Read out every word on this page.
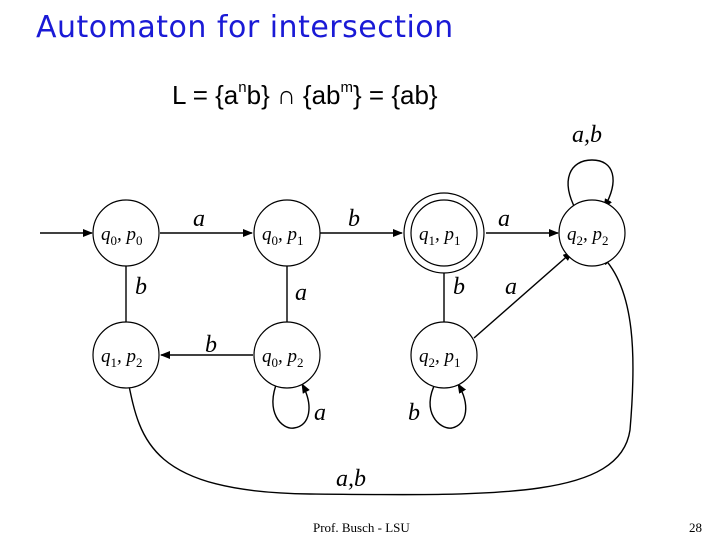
Automaton for intersection
$L = \{a^nb\}$ ∩ $\{ab^m\} = \{ab\}$
$q_0$, $p_0$	$q_0$, $p_1$	$q_1$, $p_1$	$q_2$, $p_2$
$q_1$, $p_2$	$q_0$, $p_2$	$q_2$, $p_1$
a	b	a
a,b
b	a	b a
b
a	b
a,b
Prof. Busch - LSU	28
